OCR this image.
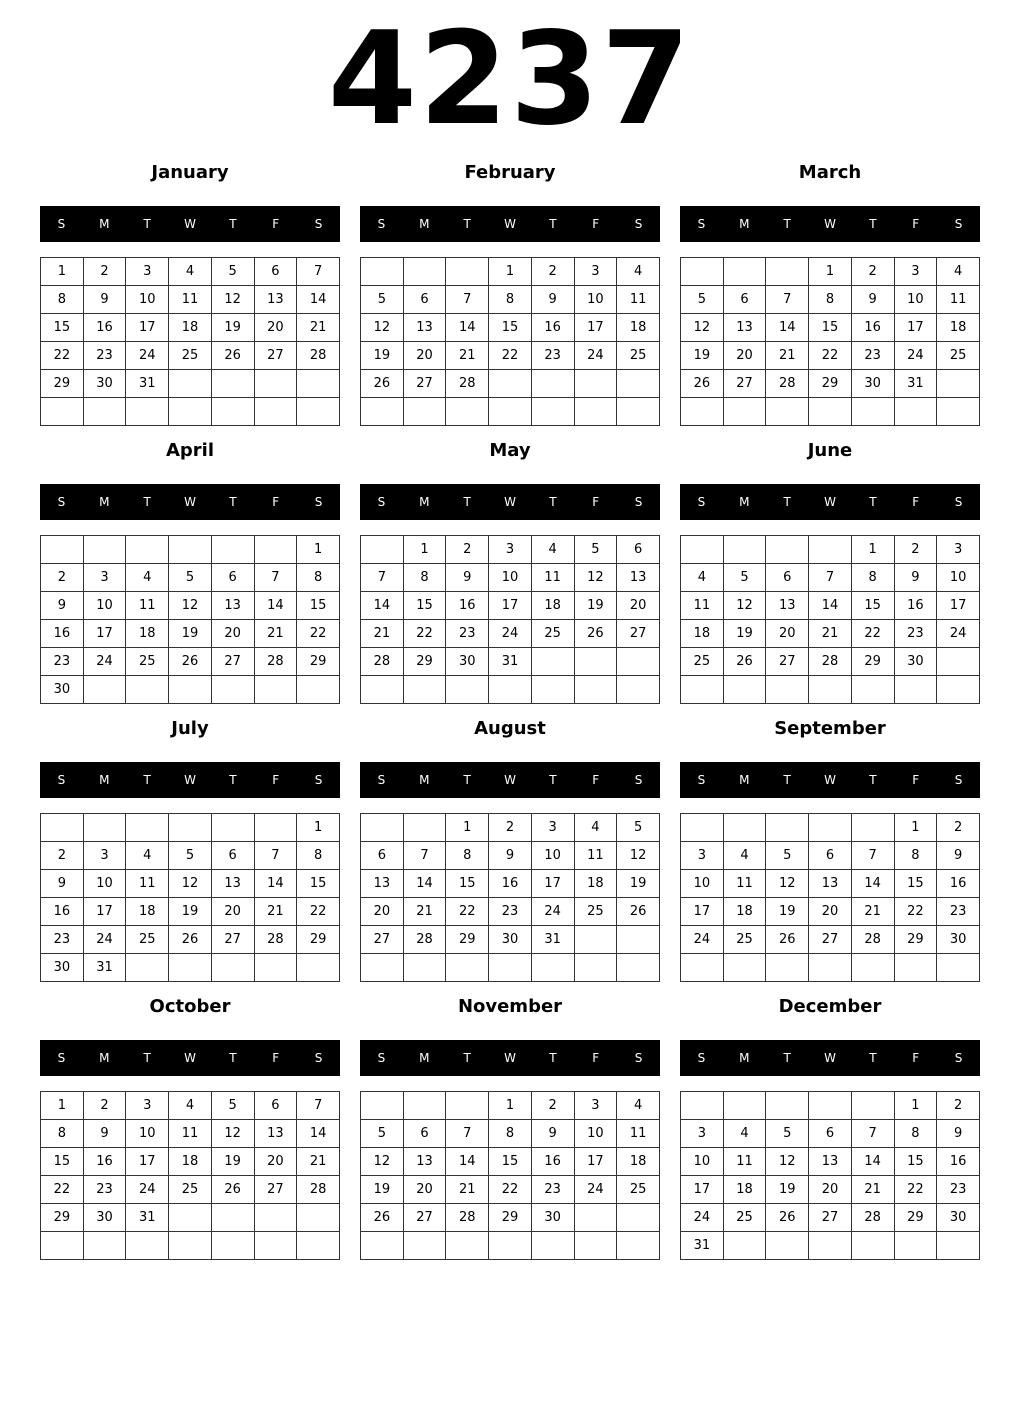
4237
January
S	M	T	W	T	F	S
1	2	3	4	5	6	7
8	9	10	11	12	13	14
15	16	17	18	19	20	21
22	23	24	25	26	27	28
29	30	31				

February
S	M	T	W	T	F	S
			1	2	3	4
5	6	7	8	9	10	11
12	13	14	15	16	17	18
19	20	21	22	23	24	25
26	27	28				

March
S	M	T	W	T	F	S
			1	2	3	4
5	6	7	8	9	10	11
12	13	14	15	16	17	18
19	20	21	22	23	24	25
26	27	28	29	30	31	

April
S	M	T	W	T	F	S
						1
2	3	4	5	6	7	8
9	10	11	12	13	14	15
16	17	18	19	20	21	22
23	24	25	26	27	28	29
30						
May
S	M	T	W	T	F	S
	1	2	3	4	5	6
7	8	9	10	11	12	13
14	15	16	17	18	19	20
21	22	23	24	25	26	27
28	29	30	31			

June
S	M	T	W	T	F	S
				1	2	3
4	5	6	7	8	9	10
11	12	13	14	15	16	17
18	19	20	21	22	23	24
25	26	27	28	29	30	

July
S	M	T	W	T	F	S
						1
2	3	4	5	6	7	8
9	10	11	12	13	14	15
16	17	18	19	20	21	22
23	24	25	26	27	28	29
30	31					
August
S	M	T	W	T	F	S
		1	2	3	4	5
6	7	8	9	10	11	12
13	14	15	16	17	18	19
20	21	22	23	24	25	26
27	28	29	30	31		

September
S	M	T	W	T	F	S
					1	2
3	4	5	6	7	8	9
10	11	12	13	14	15	16
17	18	19	20	21	22	23
24	25	26	27	28	29	30

October
S	M	T	W	T	F	S
1	2	3	4	5	6	7
8	9	10	11	12	13	14
15	16	17	18	19	20	21
22	23	24	25	26	27	28
29	30	31				

November
S	M	T	W	T	F	S
			1	2	3	4
5	6	7	8	9	10	11
12	13	14	15	16	17	18
19	20	21	22	23	24	25
26	27	28	29	30		

December
S	M	T	W	T	F	S
					1	2
3	4	5	6	7	8	9
10	11	12	13	14	15	16
17	18	19	20	21	22	23
24	25	26	27	28	29	30
31						
